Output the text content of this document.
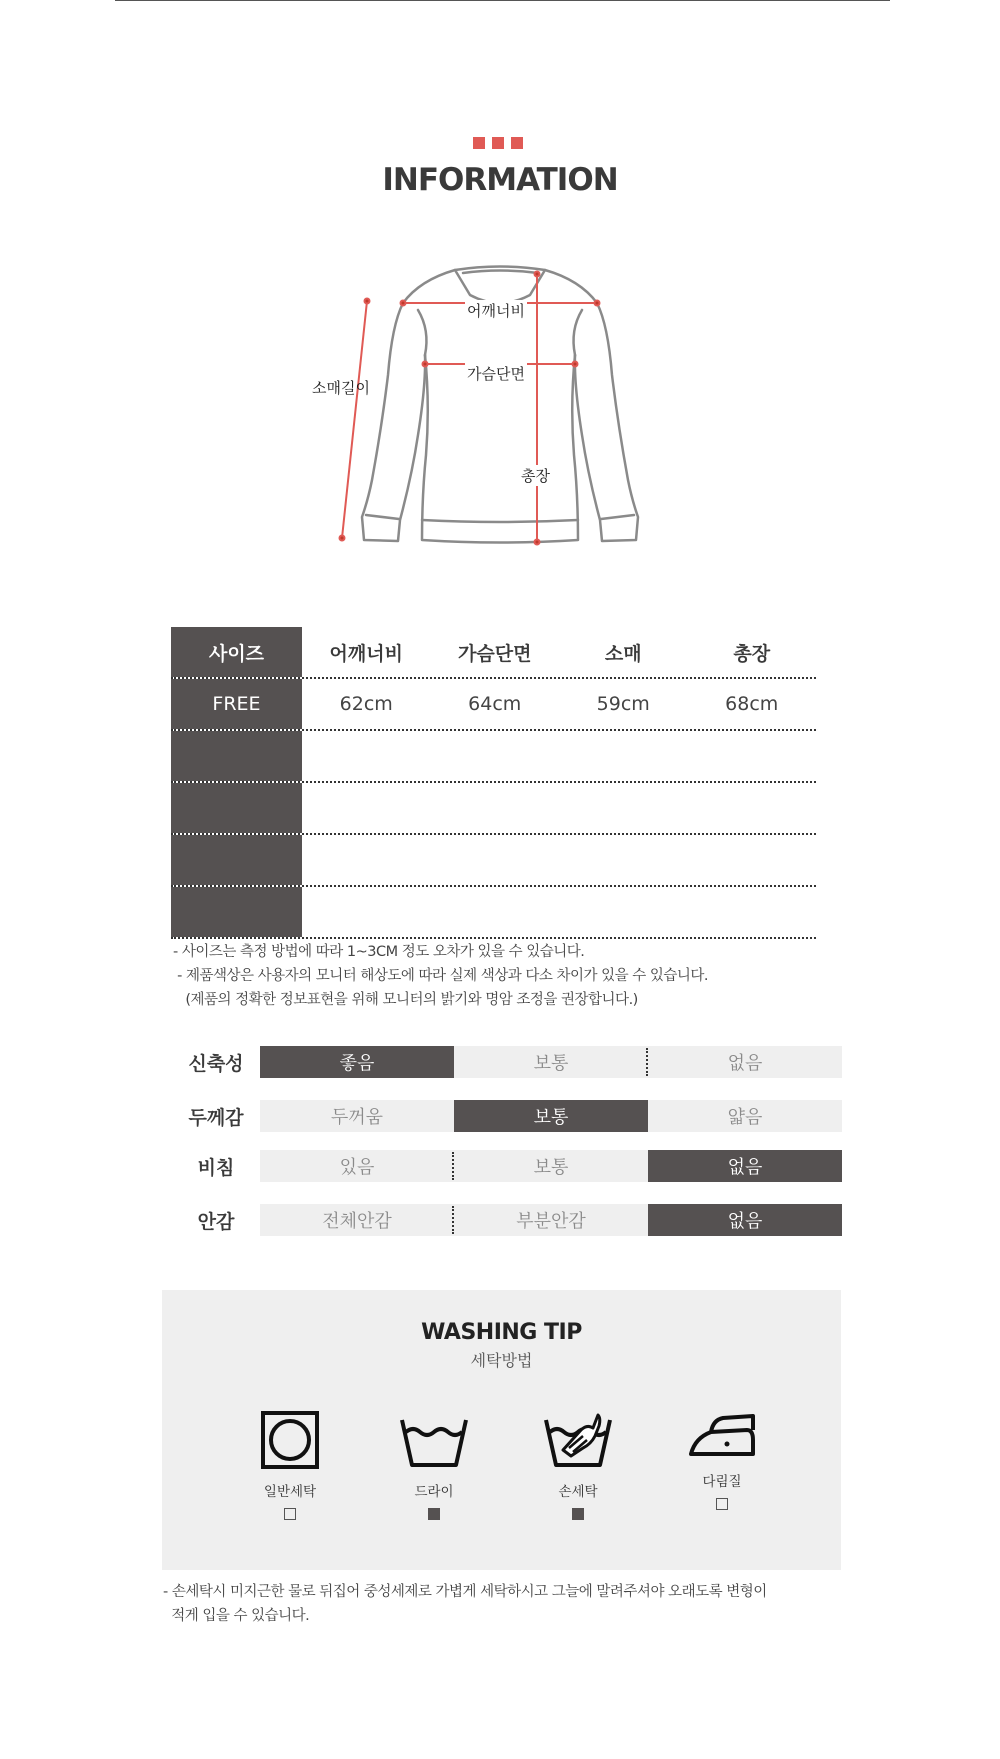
INFORMATION
어깨너비
가슴단면
소매길이
총장
사이즈	어깨너비	가슴단면	소매	총장
FREE	62cm	64cm	59cm	68cm
- 사이즈는 측정 방법에 따라 1~3CM 정도 오차가 있을 수 있습니다.
- 제품색상은 사용자의 모니터 해상도에 따라 실제 색상과 다소 차이가 있을 수 있습니다.
(제품의 정확한 정보표현을 위해 모니터의 밝기와 명암 조정을 권장합니다.)
신축성	좋음	보통	없음
두께감	두꺼움	보통	얇음
비침	있음	보통	없음
안감	전체안감	부분안감	없음
WASHING TIP
세탁방법
일반세탁	드라이	손세탁
다림질
- 손세탁시 미지근한 물로 뒤집어 중성세제로 가볍게 세탁하시고 그늘에 말려주셔야 오래도록 변형이
적게 입을 수 있습니다.
